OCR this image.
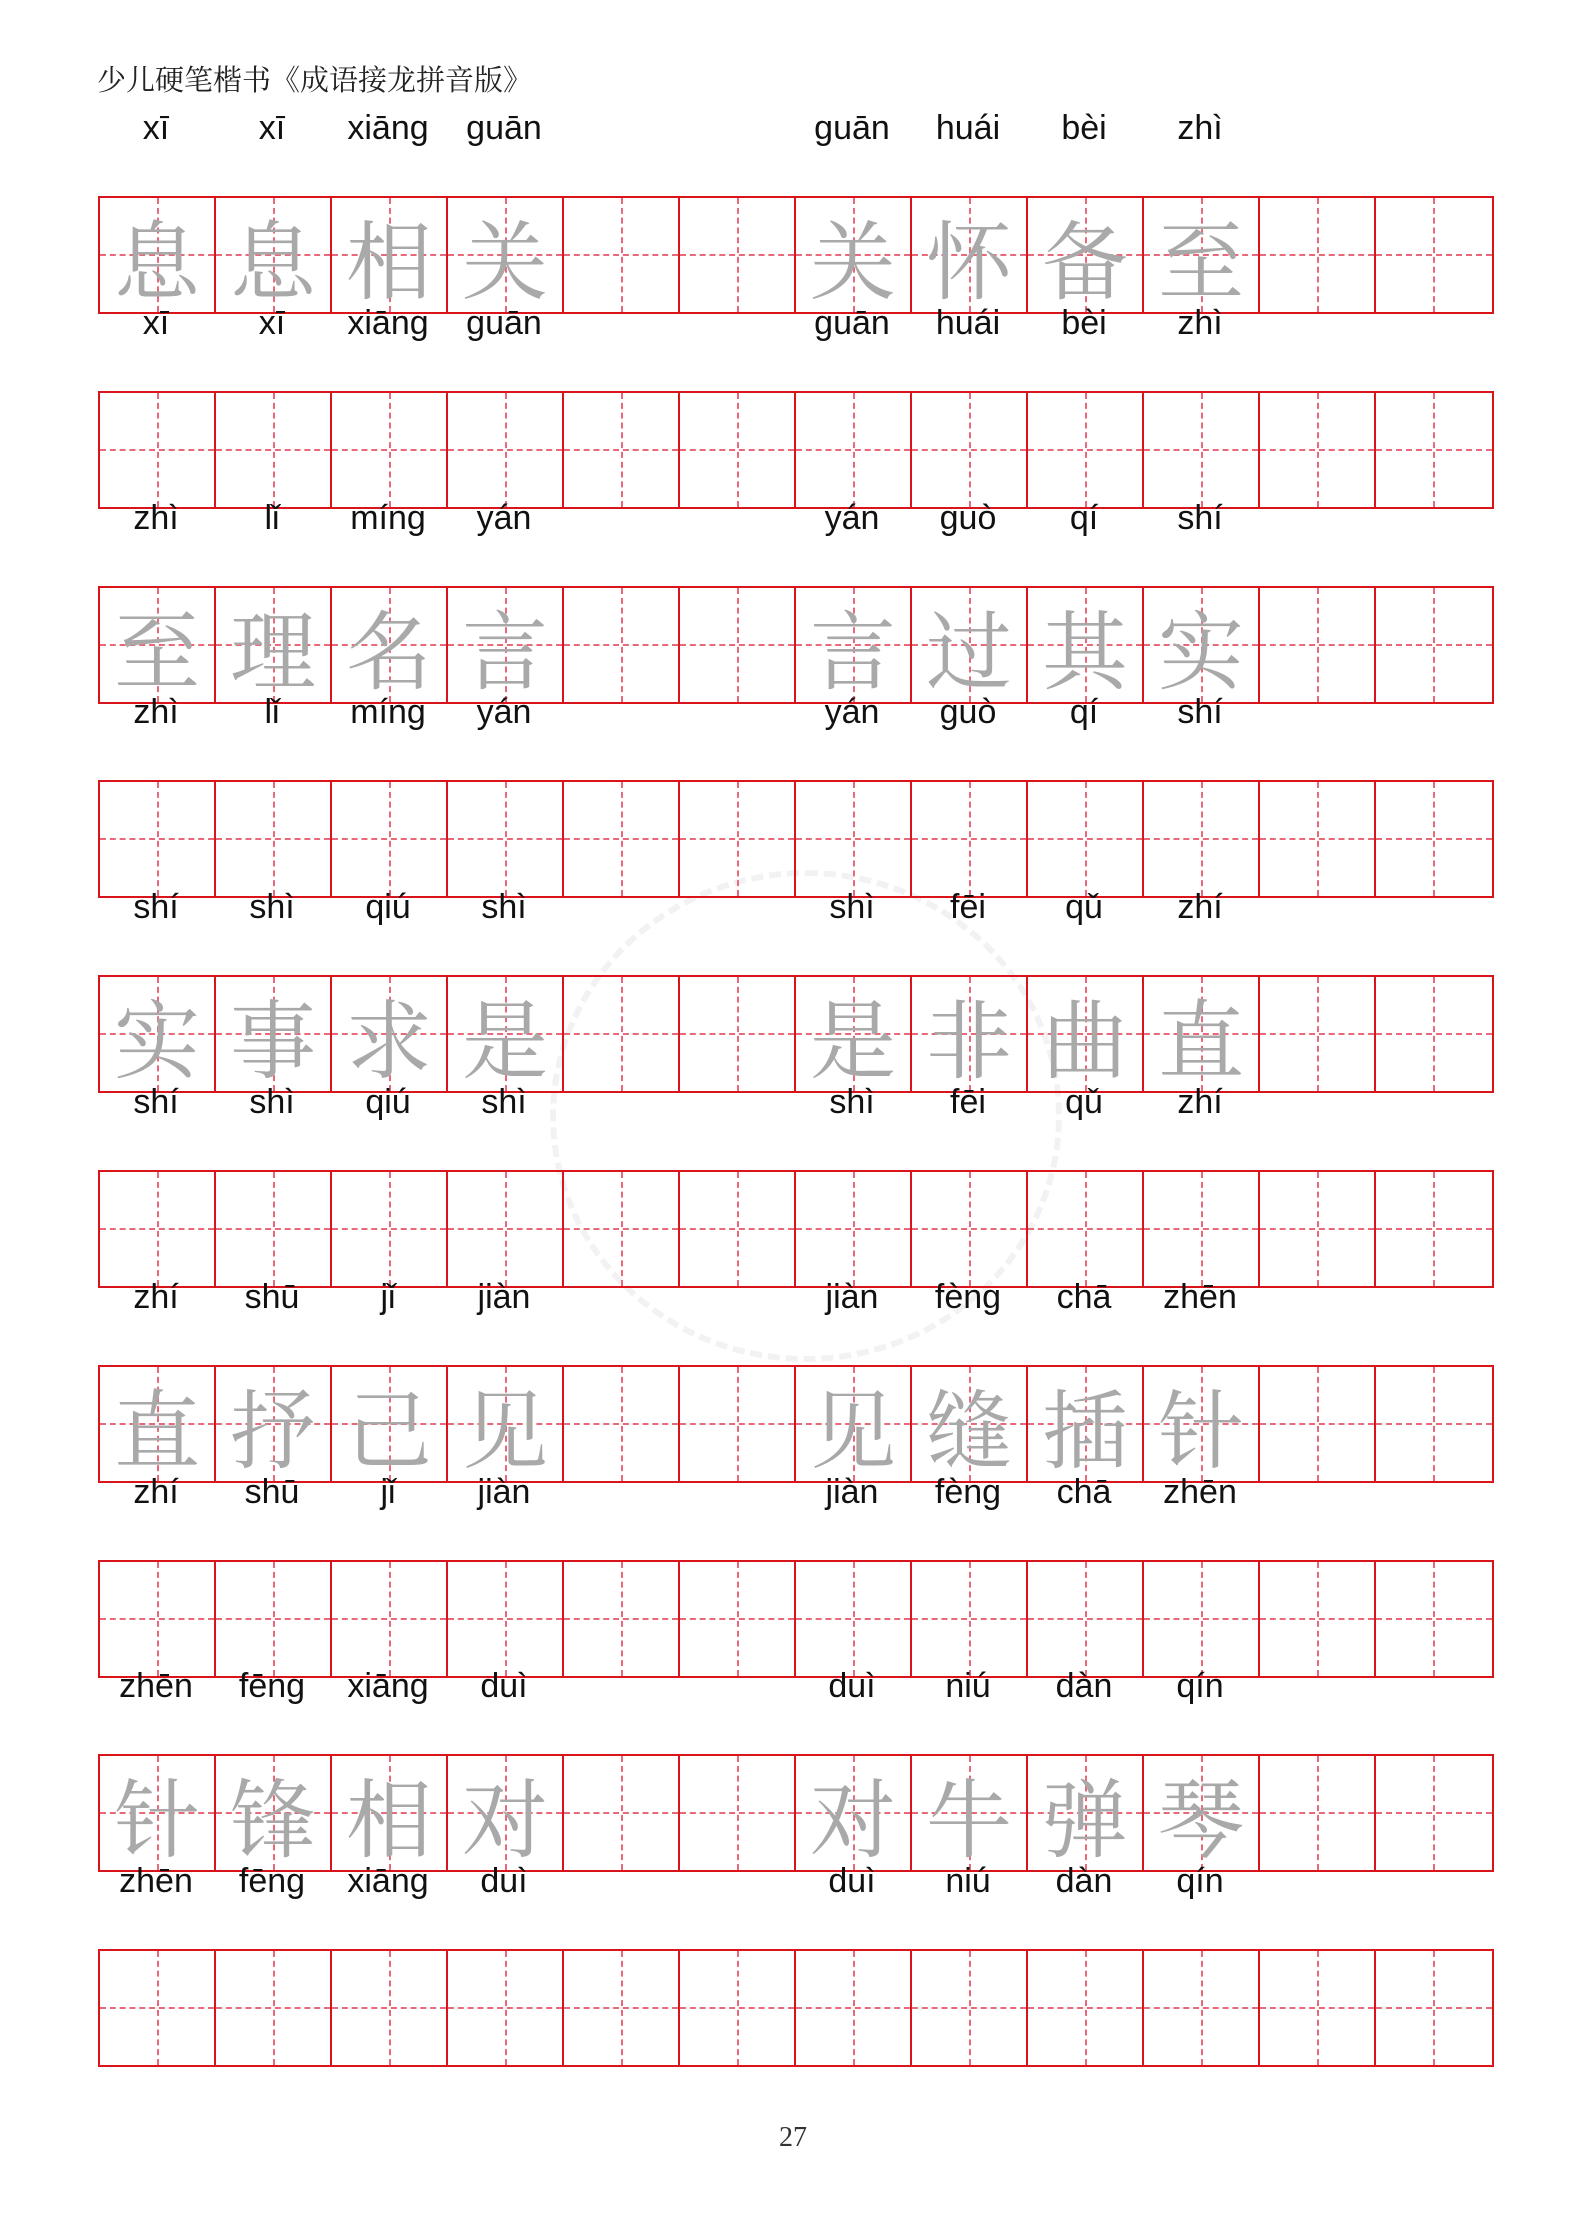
少儿硬笔楷书《成语接龙拼音版》
xī	xī	xiāng	guān	guān	huái	bèi	zhì
息 息 相 关	关 怀 备 至
xī	xī	xiāng	guān	guān	huái	bèi	zhì
zhì	lǐ	míng	yán	yán	guò	qí	shí
至 理 名 言	言 过 其 实
zhì	lǐ	míng	yán	yán	guò	qí	shí
shí	shì	qiú	shì	shì	fēi	qǔ	zhí
实 事 求 是	是 非 曲 直
shí	shì	qiú	shì	shì	fēi	qǔ	zhí
zhí	shū	jǐ	jiàn	jiàn	fèng	chā	zhēn
直 抒 己 见	见 缝 插 针
zhí	shū	jǐ	jiàn	jiàn	fèng	chā	zhēn
zhēn	fēng	xiāng	duì	duì	niú	dàn	qín
针 锋 相 对	对 牛 弹 琴
zhēn	fēng	xiāng	duì	duì	niú	dàn	qín
27
